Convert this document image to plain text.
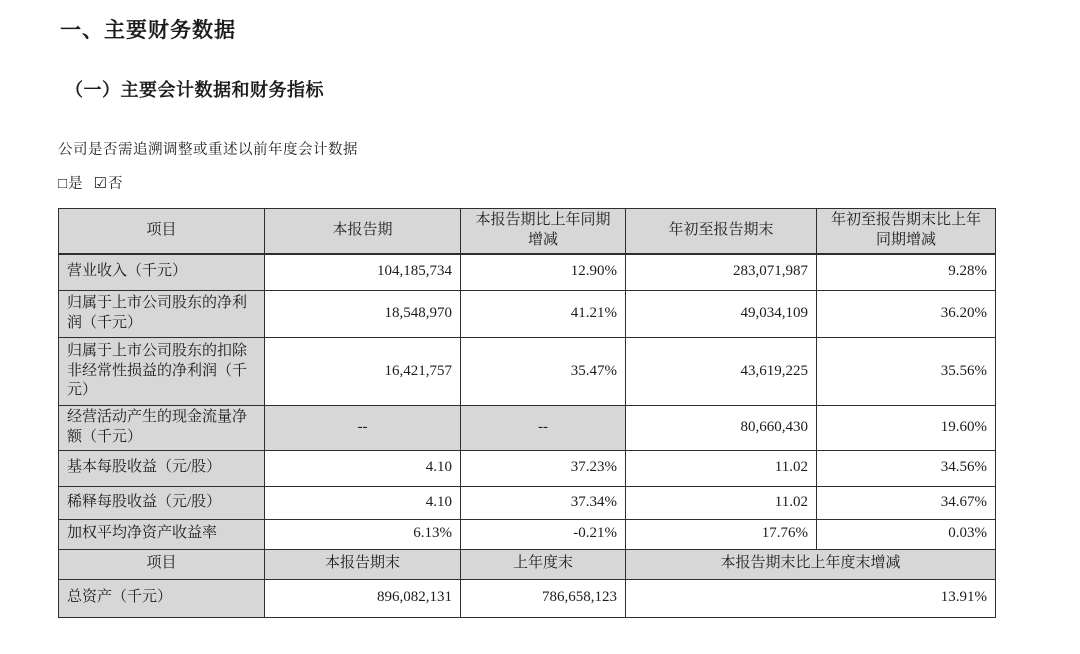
一、主要财务数据
（一）主要会计数据和财务指标
公司是否需追溯调整或重述以前年度会计数据
□是 ☑否
项目	本报告期	本报告期比上年同期增减	年初至报告期末	年初至报告期末比上年同期增减
营业收入（千元）	104,185,734	12.90%	283,071,987	9.28%
归属于上市公司股东的净利润（千元）	18,548,970	41.21%	49,034,109	36.20%
归属于上市公司股东的扣除非经常性损益的净利润（千元）	16,421,757	35.47%	43,619,225	35.56%
经营活动产生的现金流量净额（千元）	--	--	80,660,430	19.60%
基本每股收益（元/股）	4.10	37.23%	11.02	34.56%
稀释每股收益（元/股）	4.10	37.34%	11.02	34.67%
加权平均净资产收益率	6.13%	-0.21%	17.76%	0.03%
项目	本报告期末	上年度末	本报告期末比上年度末增减	
总资产（千元）	896,082,131	786,658,123	13.91%	
